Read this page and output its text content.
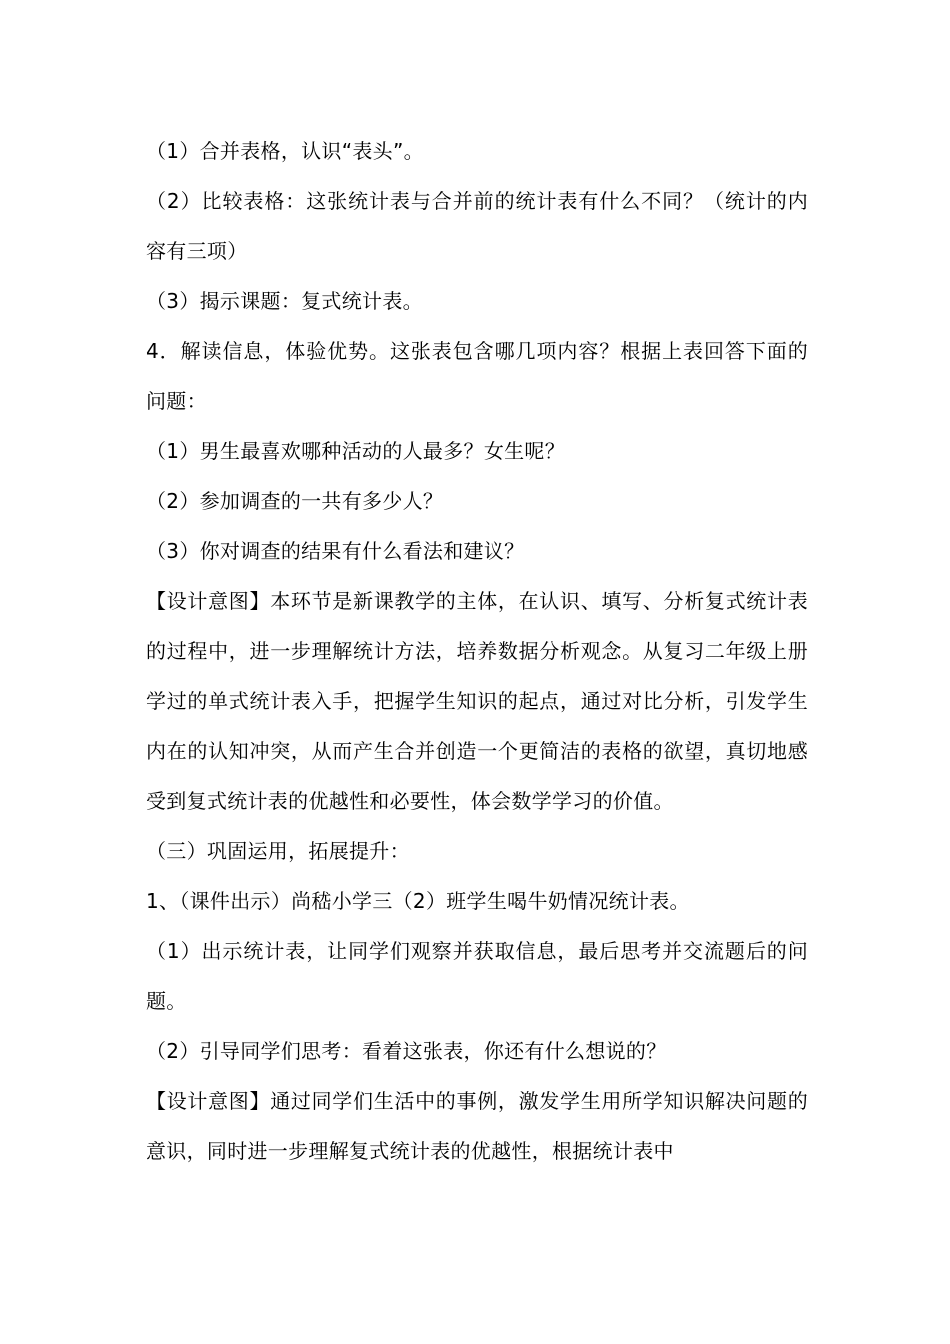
（1）合并表格，认识“表头”。

（2）比较表格：这张统计表与合并前的统计表有什么不同？（统计的内容有三项）

（3）揭示课题：复式统计表。

4．解读信息，体验优势。这张表包含哪几项内容？根据上表回答下面的问题：

（1）男生最喜欢哪种活动的人最多？女生呢？

（2）参加调查的一共有多少人？

（3）你对调查的结果有什么看法和建议？

【设计意图】本环节是新课教学的主体，在认识、填写、分析复式统计表的过程中，进一步理解统计方法，培养数据分析观念。从复习二年级上册学过的单式统计表入手，把握学生知识的起点，通过对比分析，引发学生内在的认知冲突，从而产生合并创造一个更简洁的表格的欲望，真切地感受到复式统计表的优越性和必要性，体会数学学习的价值。

（三）巩固运用，拓展提升：

1、（课件出示）尚嵇小学三（2）班学生喝牛奶情况统计表。

（1）出示统计表，让同学们观察并获取信息，最后思考并交流题后的问题。

（2）引导同学们思考：看着这张表，你还有什么想说的？

【设计意图】通过同学们生活中的事例，激发学生用所学知识解决问题的意识，同时进一步理解复式统计表的优越性，根据统计表中
